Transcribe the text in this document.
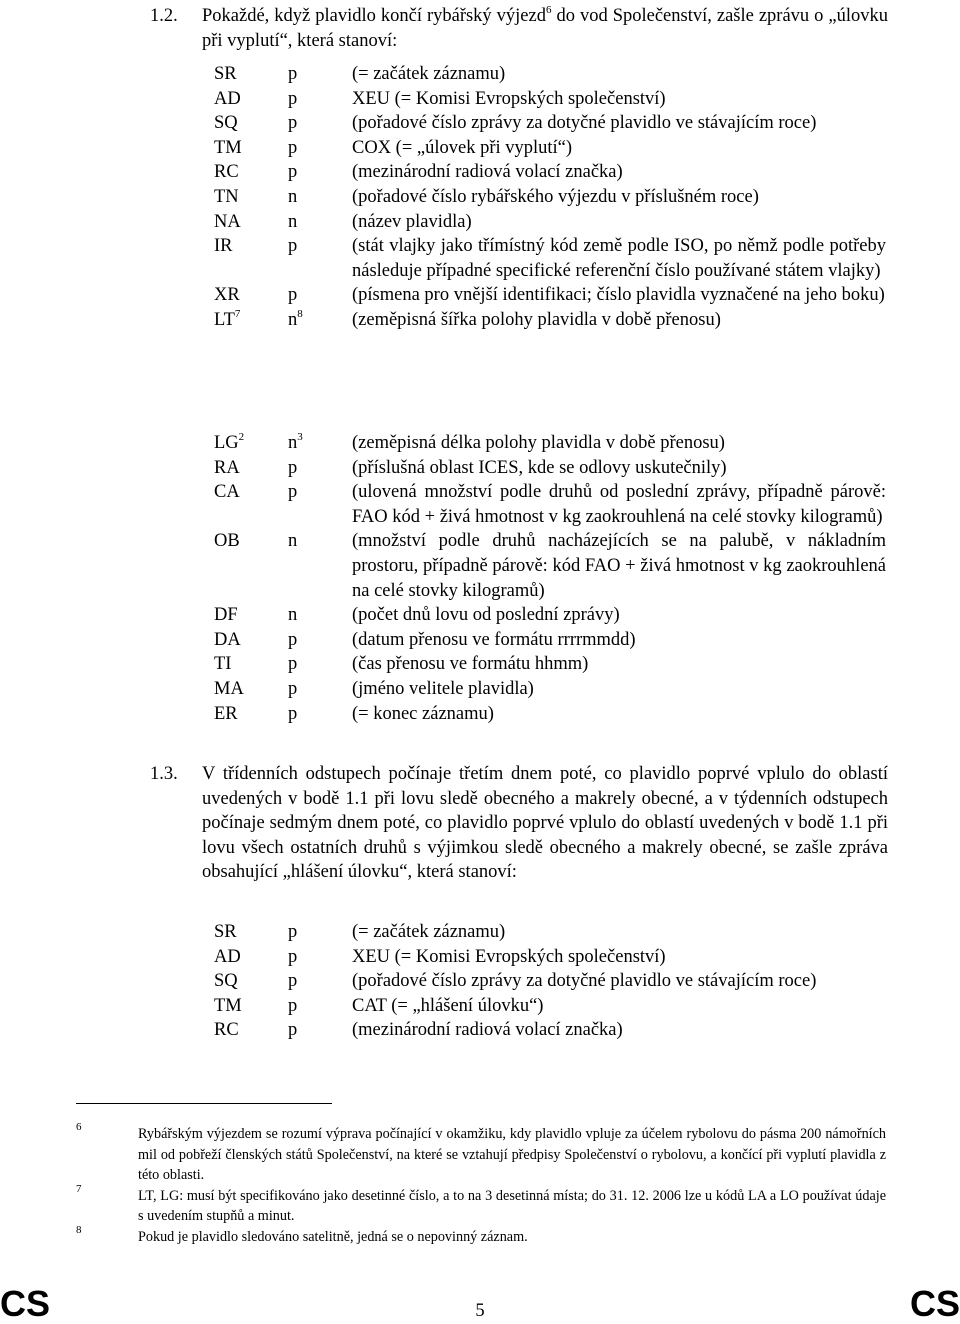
1.2. Pokaždé, když plavidlo končí rybářský výjezd$^6$ do vod Společenství, zašle zprávu o „úlovku při vyplutí“, která stanoví:
SR	p	(= začátek záznamu)
AD	p	XEU (= Komisi Evropských společenství)
SQ	p	(pořadové číslo zprávy za dotyčné plavidlo ve stávajícím roce)
TM	p	COX (= „úlovek při vyplutí“)
RC	p	(mezinárodní radiová volací značka)
TN	n	(pořadové číslo rybářského výjezdu v příslušném roce)
NA	n	(název plavidla)
IR	p	(stát vlajky jako třímístný kód země podle ISO, po němž podle potřeby následuje případné specifické referenční číslo používané státem vlajky)
XR	p	(písmena pro vnější identifikaci; číslo plavidla vyznačené na jeho boku)
$LT^7$	$n^8$	(zeměpisná šířka polohy plavidla v době přenosu)
$LG^2$	$n^3$	(zeměpisná délka polohy plavidla v době přenosu)
RA	p	(příslušná oblast ICES, kde se odlovy uskutečnily)
CA	p	(ulovená množství podle druhů od poslední zprávy, případně párově: FAO kód + živá hmotnost v kg zaokrouhlená na celé stovky kilogramů)
OB	n	(množství podle druhů nacházejících se na palubě, v nákladním prostoru, případně párově: kód FAO + živá hmotnost v kg zaokrouhlená na celé stovky kilogramů)
DF	n	(počet dnů lovu od poslední zprávy)
DA	p	(datum přenosu ve formátu rrrrmmdd)
TI	p	(čas přenosu ve formátu hhmm)
MA	p	(jméno velitele plavidla)
ER	p	(= konec záznamu)
1.3. V třídenních odstupech počínaje třetím dnem poté, co plavidlo poprvé vplulo do oblastí uvedených v bodě 1.1 při lovu sledě obecného a makrely obecné, a v týdenních odstupech počínaje sedmým dnem poté, co plavidlo poprvé vplulo do oblastí uvedených v bodě 1.1 při lovu všech ostatních druhů s výjimkou sledě obecného a makrely obecné, se zašle zpráva obsahující „hlášení úlovku“, která stanoví:
SR	p	(= začátek záznamu)
AD	p	XEU (= Komisi Evropských společenství)
SQ	p	(pořadové číslo zprávy za dotyčné plavidlo ve stávajícím roce)
TM	p	CAT (= „hlášení úlovku“)
RC	p	(mezinárodní radiová volací značka)
6	Rybářským výjezdem se rozumí výprava počínající v okamžiku, kdy plavidlo vpluje za účelem rybolovu do pásma 200 námořních mil od pobřeží členských států Společenství, na které se vztahují předpisy Společenství o rybolovu, a končící při vyplutí plavidla z této oblasti.
7	LT, LG: musí být specifikováno jako desetinné číslo, a to na 3 desetinná místa; do 31. 12. 2006 lze u kódů LA a LO používat údaje s uvedením stupňů a minut.
8	Pokud je plavidlo sledováno satelitně, jedná se o nepovinný záznam.
CS	5	CS
